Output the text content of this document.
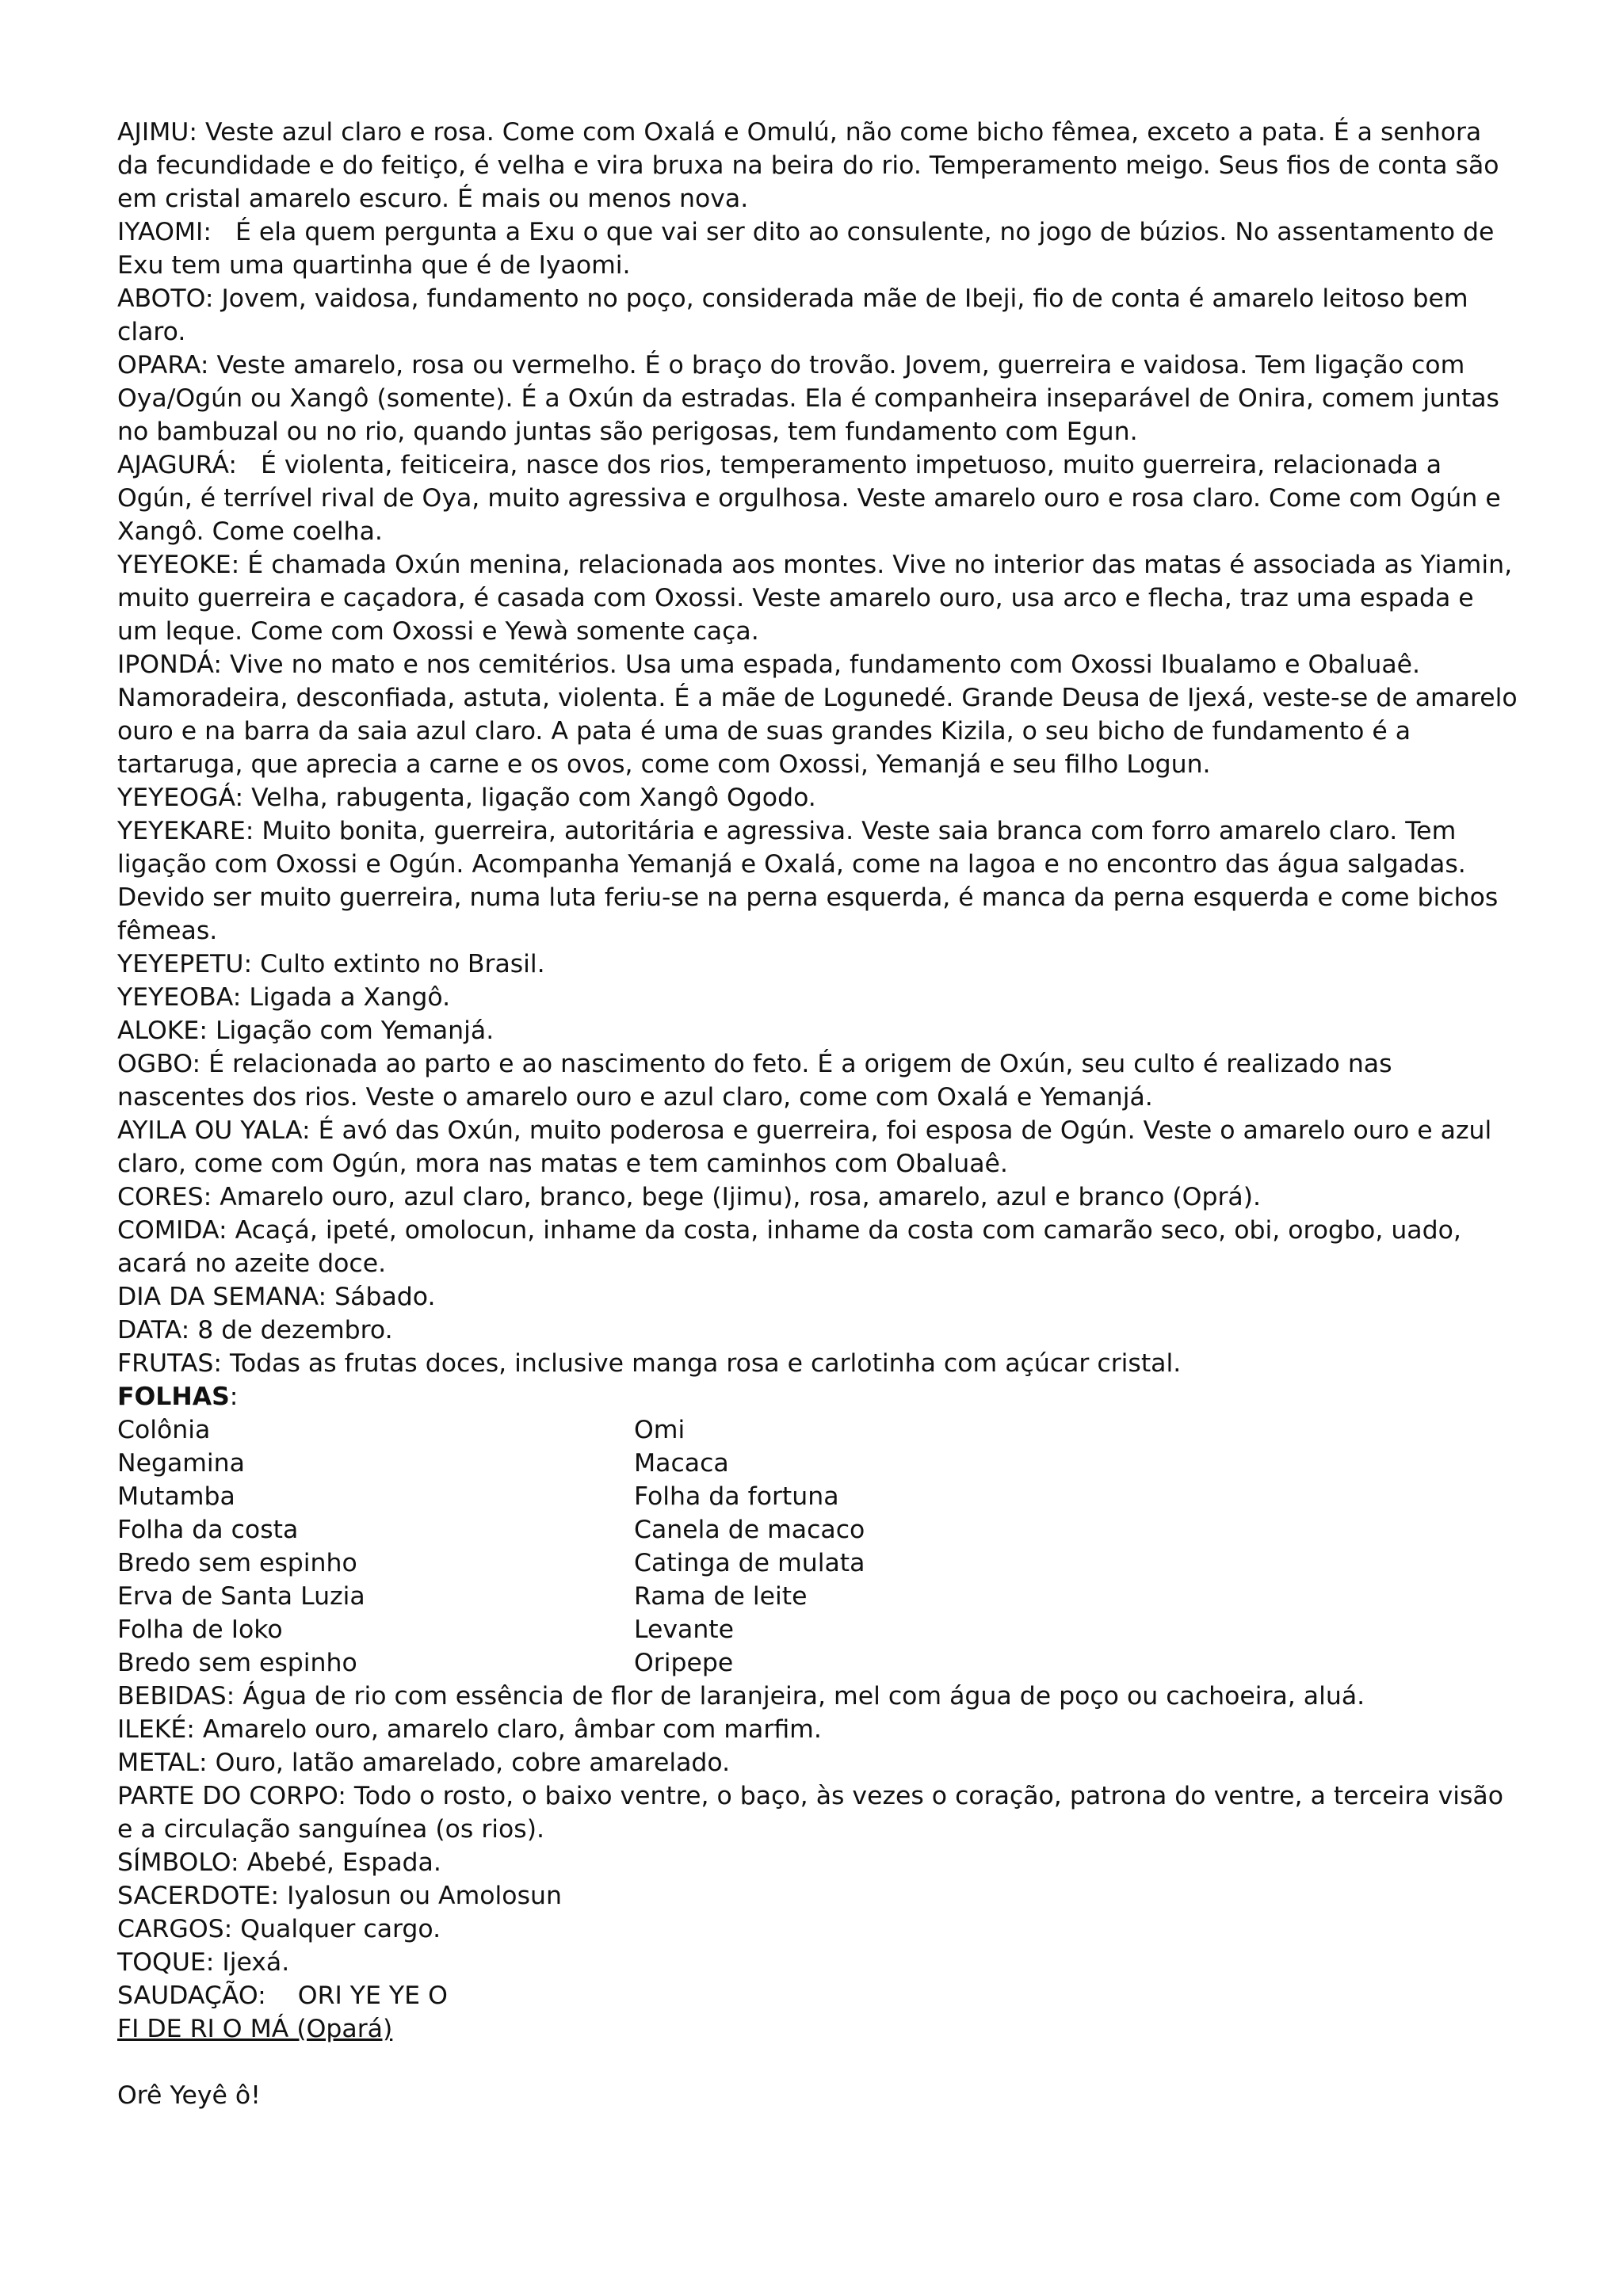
AJIMU: Veste azul claro e rosa. Come com Oxalá e Omulú, não come bicho fêmea, exceto a pata. É a senhora da fecundidade e do feitiço, é velha e vira bruxa na beira do rio. Temperamento meigo. Seus fios de conta são em cristal amarelo escuro. É mais ou menos nova.

IYAOMI:   É ela quem pergunta a Exu o que vai ser dito ao consulente, no jogo de búzios. No assentamento de Exu tem uma quartinha que é de Iyaomi.

ABOTO: Jovem, vaidosa, fundamento no poço, considerada mãe de Ibeji, fio de conta é amarelo leitoso bem claro.

OPARA: Veste amarelo, rosa ou vermelho. É o braço do trovão. Jovem, guerreira e vaidosa. Tem ligação com Oya/Ogún ou Xangô (somente). É a Oxún da estradas. Ela é companheira inseparável de Onira, comem juntas no bambuzal ou no rio, quando juntas são perigosas, tem fundamento com Egun.

AJAGURÁ:   É violenta, feiticeira, nasce dos rios, temperamento impetuoso, muito guerreira, relacionada a Ogún, é terrível rival de Oya, muito agressiva e orgulhosa. Veste amarelo ouro e rosa claro. Come com Ogún e Xangô. Come coelha.

YEYEOKE: É chamada Oxún menina, relacionada aos montes. Vive no interior das matas é associada as Yiamin, muito guerreira e caçadora, é casada com Oxossi. Veste amarelo ouro, usa arco e flecha, traz uma espada e um leque. Come com Oxossi e Yewà somente caça.

IPONDÁ: Vive no mato e nos cemitérios. Usa uma espada, fundamento com Oxossi Ibualamo e Obaluaê. Namoradeira, desconfiada, astuta, violenta. É a mãe de Logunedé. Grande Deusa de Ijexá, veste-se de amarelo ouro e na barra da saia azul claro. A pata é uma de suas grandes Kizila, o seu bicho de fundamento é a tartaruga, que aprecia a carne e os ovos, come com Oxossi, Yemanjá e seu filho Logun.

YEYEOGÁ: Velha, rabugenta, ligação com Xangô Ogodo.

YEYEKARE: Muito bonita, guerreira, autoritária e agressiva. Veste saia branca com forro amarelo claro. Tem ligação com Oxossi e Ogún. Acompanha Yemanjá e Oxalá, come na lagoa e no encontro das água salgadas. Devido ser muito guerreira, numa luta feriu-se na perna esquerda, é manca da perna esquerda e come bichos fêmeas.

YEYEPETU: Culto extinto no Brasil.

YEYEOBA: Ligada a Xangô.

ALOKE: Ligação com Yemanjá.

OGBO: É relacionada ao parto e ao nascimento do feto. É a origem de Oxún, seu culto é realizado nas nascentes dos rios. Veste o amarelo ouro e azul claro, come com Oxalá e Yemanjá.

AYILA OU YALA: É avó das Oxún, muito poderosa e guerreira, foi esposa de Ogún. Veste o amarelo ouro e azul claro, come com Ogún, mora nas matas e tem caminhos com Obaluaê.

CORES: Amarelo ouro, azul claro, branco, bege (Ijimu), rosa, amarelo, azul e branco (Oprá).

COMIDA: Acaçá, ipeté, omolocun, inhame da costa, inhame da costa com camarão seco, obi, orogbo, uado, acará no azeite doce.

DIA DA SEMANA: Sábado.

DATA: 8 de dezembro.

FRUTAS: Todas as frutas doces, inclusive manga rosa e carlotinha com açúcar cristal.

FOLHAS:

Colônia	Omi
Negamina	Macaca
Mutamba	Folha da fortuna
Folha da costa	Canela de macaco
Bredo sem espinho	Catinga de mulata
Erva de Santa Luzia	Rama de leite
Folha de Ioko	Levante
Bredo sem espinho	Oripepe

BEBIDAS: Água de rio com essência de flor de laranjeira, mel com água de poço ou cachoeira, aluá.

ILEKÉ: Amarelo ouro, amarelo claro, âmbar com marfim.

METAL: Ouro, latão amarelado, cobre amarelado.

PARTE DO CORPO: Todo o rosto, o baixo ventre, o baço, às vezes o coração, patrona do ventre, a terceira visão e a circulação sanguínea (os rios).

SÍMBOLO: Abebé, Espada.

SACERDOTE: Iyalosun ou Amolosun

CARGOS: Qualquer cargo.

TOQUE: Ijexá.

SAUDAÇÃO:    ORI YE YE O

FI DE RI O MÁ (Opará)

Orê Yeyê ô!
